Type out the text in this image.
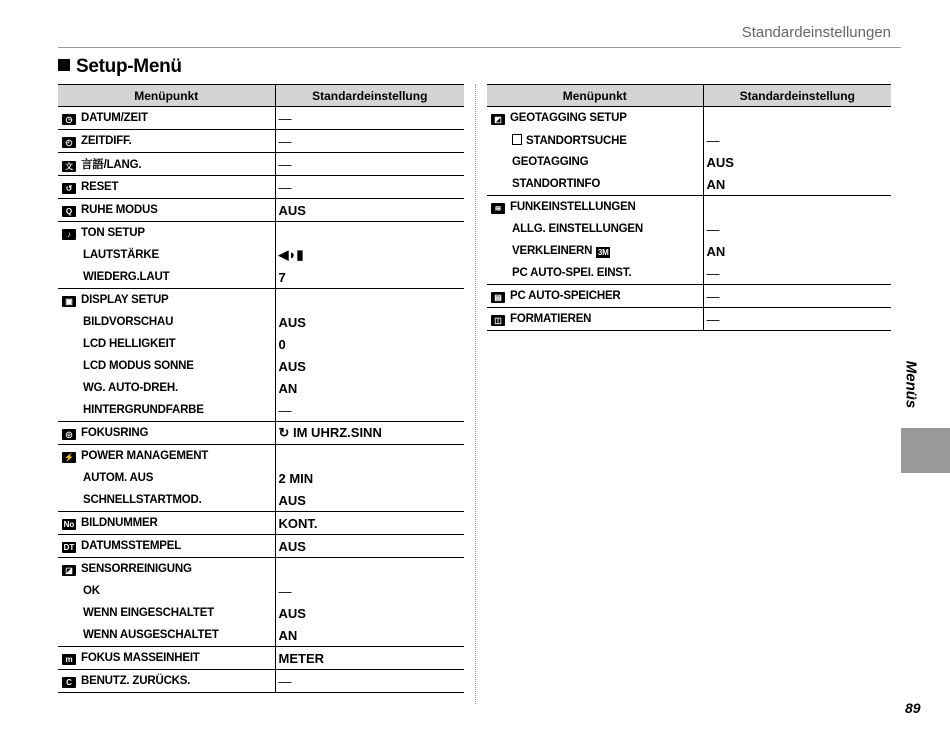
Standardeinstellungen
Setup-Menü
Menüpunkt	Standardeinstellung
◷ DATUM/ZEIT	—
◴ ZEITDIFF.	—
文 言語/LANG.	—
↺ RESET	—
Q RUHE MODUS	AUS
♪ TON SETUP	
LAUTSTÄRKE	◀◗▮
WIEDERG.LAUT	7
▣ DISPLAY SETUP	
BILDVORSCHAU	AUS
LCD HELLIGKEIT	0
LCD MODUS SONNE	AUS
WG. AUTO-DREH.	AN
HINTERGRUNDFARBE	—
◎ FOKUSRING	↻ IM UHRZ.SINN
⚡ POWER MANAGEMENT	
AUTOM. AUS	2 MIN
SCHNELLSTARTMOD.	AUS
No BILDNUMMER	KONT.
DT DATUMSSTEMPEL	AUS
◪ SENSORREINIGUNG	
OK	—
WENN EINGESCHALTET	AUS
WENN AUSGESCHALTET	AN
m FOKUS MASSEINHEIT	METER
C BENUTZ. ZURÜCKS.	—
Menüpunkt	Standardeinstellung
◩ GEOTAGGING SETUP	
STANDORTSUCHE	—
GEOTAGGING	AUS
STANDORTINFO	AN
≋ FUNKEINSTELLUNGEN	
ALLG. EINSTELLUNGEN	—
VERKLEINERN 3M	AN
PC AUTO-SPEI. EINST.	—
▤ PC AUTO-SPEICHER	—
◫ FORMATIEREN	—
Menüs
89
